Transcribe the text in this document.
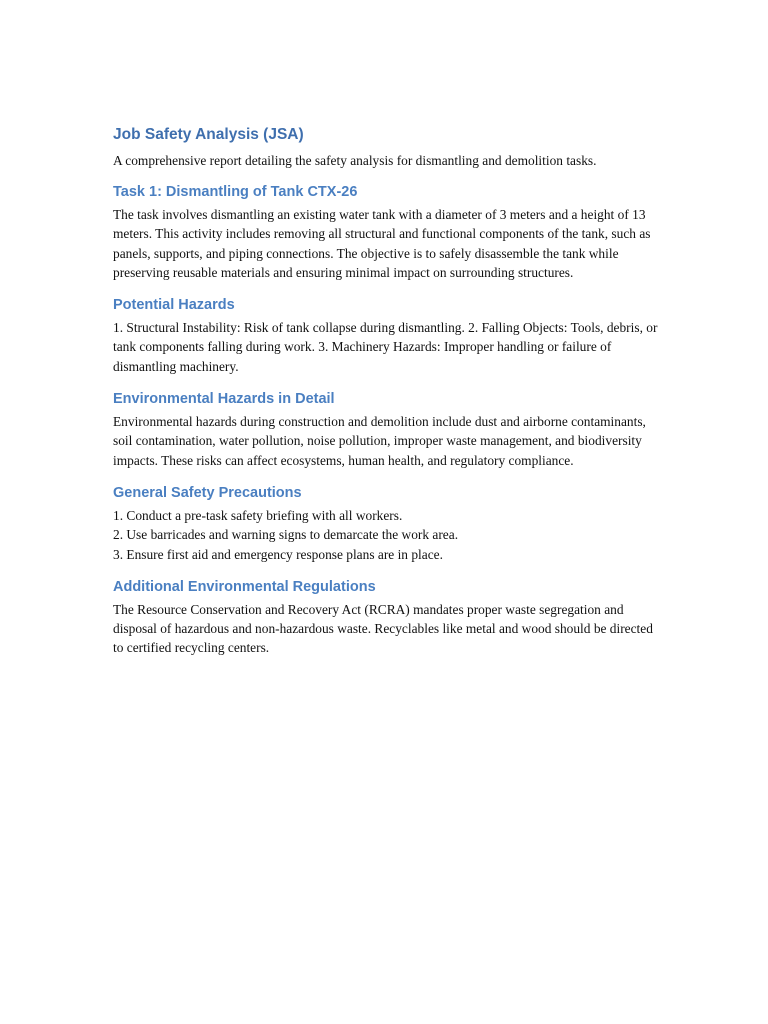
Job Safety Analysis (JSA)

A comprehensive report detailing the safety analysis for dismantling and demolition tasks.

Task 1: Dismantling of Tank CTX-26

The task involves dismantling an existing water tank with a diameter of 3 meters and a height of 13 meters. This activity includes removing all structural and functional components of the tank, such as panels, supports, and piping connections. The objective is to safely disassemble the tank while preserving reusable materials and ensuring minimal impact on surrounding structures.

Potential Hazards

1. Structural Instability: Risk of tank collapse during dismantling. 2. Falling Objects: Tools, debris, or tank components falling during work. 3. Machinery Hazards: Improper handling or failure of dismantling machinery.

Environmental Hazards in Detail

Environmental hazards during construction and demolition include dust and airborne contaminants, soil contamination, water pollution, noise pollution, improper waste management, and biodiversity impacts. These risks can affect ecosystems, human health, and regulatory compliance.

General Safety Precautions
1. Conduct a pre-task safety briefing with all workers.
2. Use barricades and warning signs to demarcate the work area.
3. Ensure first aid and emergency response plans are in place.
Additional Environmental Regulations

The Resource Conservation and Recovery Act (RCRA) mandates proper waste segregation and disposal of hazardous and non-hazardous waste. Recyclables like metal and wood should be directed to certified recycling centers.
